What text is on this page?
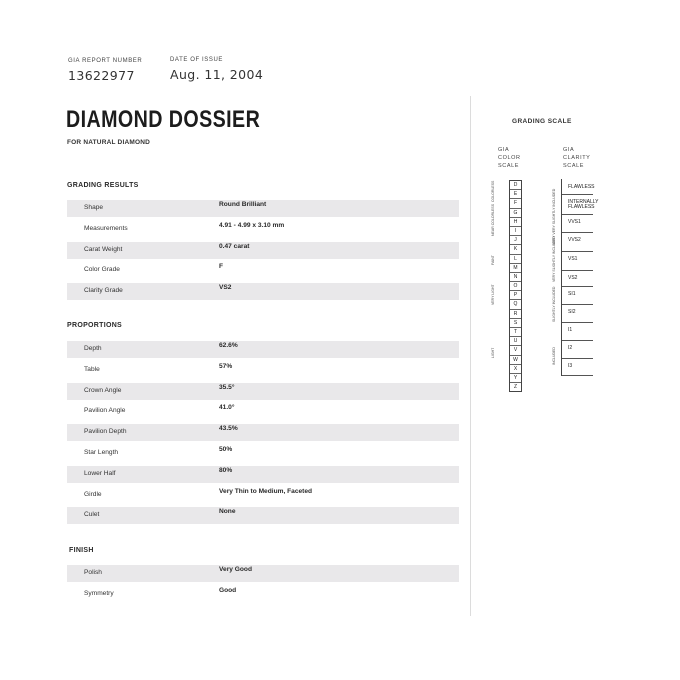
GIA REPORT NUMBER
13622977
DATE OF ISSUE
Aug. 11, 2004
DIAMOND DOSSIER
FOR NATURAL DIAMOND
GRADING RESULTS
Shape	Round Brilliant
Measurements	4.91 - 4.99 x 3.10 mm
Carat Weight	0.47 carat
Color Grade	F
Clarity Grade	VS2
PROPORTIONS
Depth	62.6%
Table	57%
Crown Angle	35.5°
Pavilion Angle	41.0°
Pavilion Depth	43.5%
Star Length	50%
Lower Half	80%
Girdle	Very Thin to Medium, Faceted
Culet	None
FINISH
Polish	Very Good
Symmetry	Good
GRADING SCALE
GIA
COLOR
SCALE
GIA
CLARITY
SCALE
D
E
F
G
H
I
J
K
L
M
N
O
P
Q
R
S
T
U
V
W
X
Y
Z
FLAWLESS
INTERNALLY FLAWLESS
VVS1
VVS2
VS1
VS2
SI1
SI2
I1
I2
I3
COLORLESS
NEAR COLORLESS
FAINT
VERY LIGHT
LIGHT
VERY VERY SLIGHTLY INCLUDED
VERY SLIGHTLY INCLUDED
SLIGHTLY INCLUDED
INCLUDED
